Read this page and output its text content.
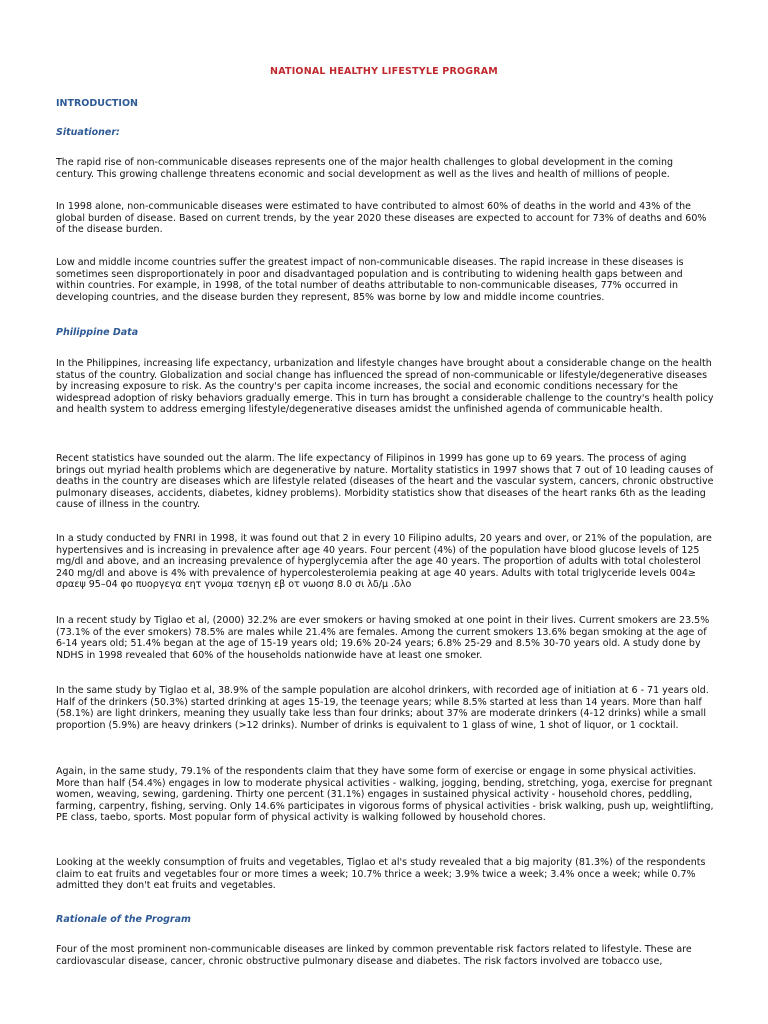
NATIONAL HEALTHY LIFESTYLE PROGRAM
INTRODUCTION
Situationer:
The rapid rise of non-communicable diseases represents one of the major health challenges to global development in the coming century. This growing challenge threatens economic and social development as well as the lives and health of millions of people.
In 1998 alone, non-communicable diseases were estimated to have contributed to almost 60% of deaths in the world and 43% of the global burden of disease. Based on current trends, by the year 2020 these diseases are expected to account for 73% of deaths and 60% of the disease burden.
Low and middle income countries suffer the greatest impact of non-communicable diseases. The rapid increase in these diseases is sometimes seen disproportionately in poor and disadvantaged population and is contributing to widening health gaps between and within countries. For example, in 1998, of the total number of deaths attributable to non-communicable diseases, 77% occurred in developing countries, and the disease burden they represent, 85% was borne by low and middle income countries.
Philippine Data
In the Philippines, increasing life expectancy, urbanization and lifestyle changes have brought about a considerable change on the health status of the country. Globalization and social change has influenced the spread of non-communicable or lifestyle/degenerative diseases by increasing exposure to risk. As the country's per capita income increases, the social and economic conditions necessary for the widespread adoption of risky behaviors gradually emerge. This in turn has brought a considerable challenge to the country's health policy and health system to address emerging lifestyle/degenerative diseases amidst the unfinished agenda of communicable health.
Recent statistics have sounded out the alarm. The life expectancy of Filipinos in 1999 has gone up to 69 years. The process of aging brings out myriad health problems which are degenerative by nature. Mortality statistics in 1997 shows that 7 out of 10 leading causes of deaths in the country are diseases which are lifestyle related (diseases of the heart and the vascular system, cancers, chronic obstructive pulmonary diseases, accidents, diabetes, kidney problems). Morbidity statistics show that diseases of the heart ranks 6th as the leading cause of illness in the country.
In a study conducted by FNRI in 1998, it was found out that 2 in every 10 Filipino adults, 20 years and over, or 21% of the population, are hypertensives and is increasing in prevalence after age 40 years. Four percent (4%) of the population have blood glucose levels of 125 mg/dl and above, and an increasing prevalence of hyperglycemia after the age 40 years. The proportion of adults with total cholesterol 240 mg/dl and above is 4% with prevalence of hypercolesterolemia peaking at age 40 years. Adults with total triglyceride levels 004≥ σραεψ 95–04 φο πυοργεγα εητ γνομα τσεηγη εβ οτ νωοησ 8.0 σι λδ/μ .δλο
In a recent study by Tiglao et al, (2000) 32.2% are ever smokers or having smoked at one point in their lives. Current smokers are 23.5% (73.1% of the ever smokers) 78.5% are males while 21.4% are females. Among the current smokers 13.6% began smoking at the age of 6-14 years old; 51.4% began at the age of 15-19 years old; 19.6% 20-24 years; 6.8% 25-29 and 8.5% 30-70 years old. A study done by NDHS in 1998 revealed that 60% of the households nationwide have at least one smoker.
In the same study by Tiglao et al, 38.9% of the sample population are alcohol drinkers, with recorded age of initiation at 6 - 71 years old. Half of the drinkers (50.3%) started drinking at ages 15-19, the teenage years; while 8.5% started at less than 14 years. More than half (58.1%) are light drinkers, meaning they usually take less than four drinks; about 37% are moderate drinkers (4-12 drinks) while a small proportion (5.9%) are heavy drinkers (>12 drinks). Number of drinks is equivalent to 1 glass of wine, 1 shot of liquor, or 1 cocktail.
Again, in the same study, 79.1% of the respondents claim that they have some form of exercise or engage in some physical activities. More than half (54.4%) engages in low to moderate physical activities - walking, jogging, bending, stretching, yoga, exercise for pregnant women, weaving, sewing, gardening. Thirty one percent (31.1%) engages in sustained physical activity - household chores, peddling, farming, carpentry, fishing, serving. Only 14.6% participates in vigorous forms of physical activities - brisk walking, push up, weightlifting, PE class, taebo, sports. Most popular form of physical activity is walking followed by household chores.
Looking at the weekly consumption of fruits and vegetables, Tiglao et al's study revealed that a big majority (81.3%) of the respondents claim to eat fruits and vegetables four or more times a week; 10.7% thrice a week; 3.9% twice a week; 3.4% once a week; while 0.7% admitted they don't eat fruits and vegetables.
Rationale of the Program
Four of the most prominent non-communicable diseases are linked by common preventable risk factors related to lifestyle. These are cardiovascular disease, cancer, chronic obstructive pulmonary disease and diabetes. The risk factors involved are tobacco use,
